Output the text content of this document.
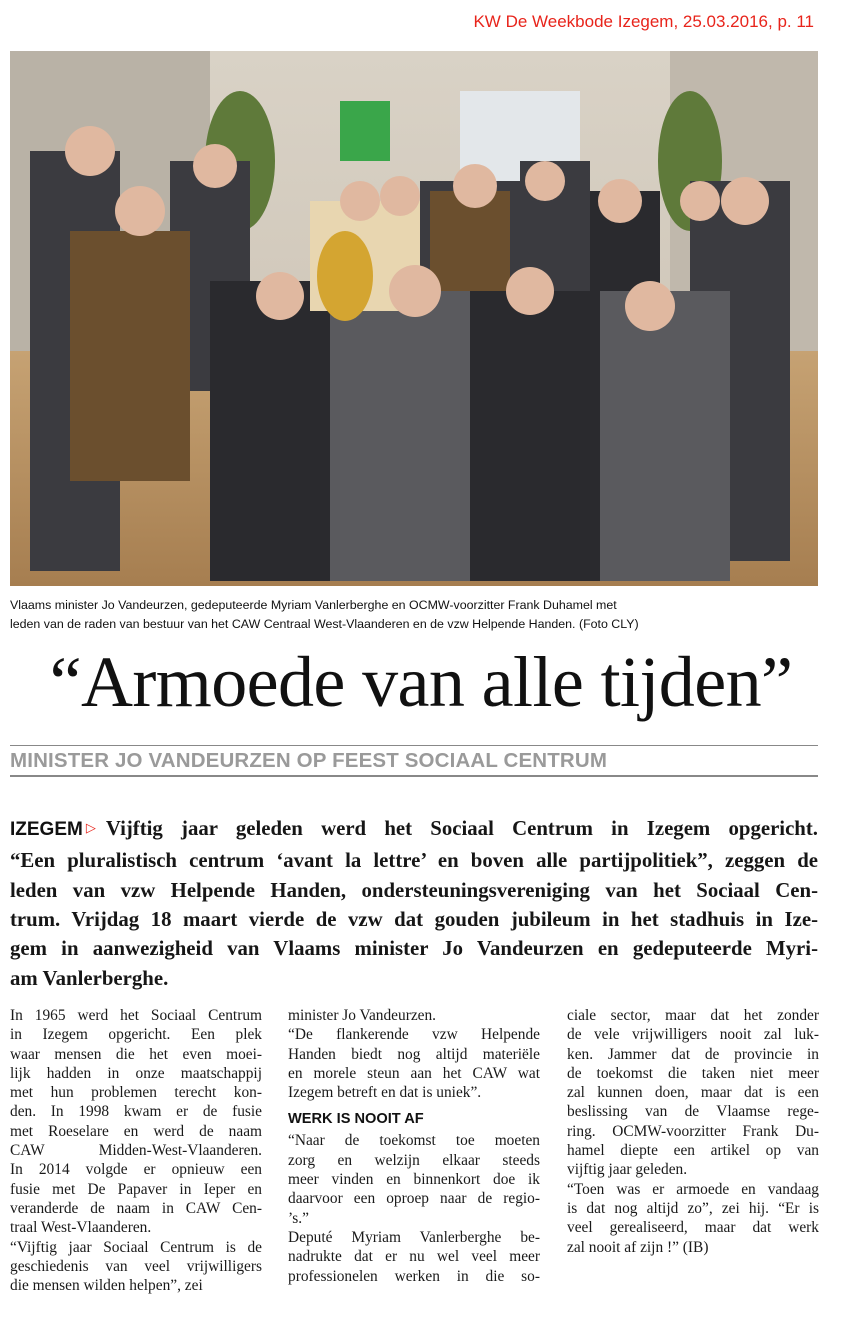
KW De Weekbode Izegem, 25.03.2016, p. 11
Vlaams minister Jo Vandeurzen, gedeputeerde Myriam Vanlerberghe en OCMW-voorzitter Frank Duhamel met
leden van de raden van bestuur van het CAW Centraal West-Vlaanderen en de vzw Helpende Handen. (Foto CLY)
“Armoede van alle tijden”
MINISTER JO VANDEURZEN OP FEEST SOCIAAL CENTRUM
IZEGEM ▷ Vijftig jaar geleden werd het Sociaal Centrum in Izegem opgericht.
“Een pluralistisch centrum ‘avant la lettre’ en boven alle partijpolitiek”, zeggen de
leden van vzw Helpende Handen, ondersteuningsvereniging van het Sociaal Cen-
trum. Vrijdag 18 maart vierde de vzw dat gouden jubileum in het stadhuis in Ize-
gem in aanwezigheid van Vlaams minister Jo Vandeurzen en gedeputeerde Myri-
am Vanlerberghe.
In 1965 werd het Sociaal Centrum
in Izegem opgericht. Een plek
waar mensen die het even moei-
lijk hadden in onze maatschappij
met hun problemen terecht kon-
den. In 1998 kwam er de fusie
met Roeselare en werd de naam
CAW Midden-West-Vlaanderen.
In 2014 volgde er opnieuw een
fusie met De Papaver in Ieper en
veranderde de naam in CAW Cen-
traal West-Vlaanderen.
“Vijftig jaar Sociaal Centrum is de
geschiedenis van veel vrijwilligers
die mensen wilden helpen”, zei
minister Jo Vandeurzen.
“De flankerende vzw Helpende
Handen biedt nog altijd materiële
en morele steun aan het CAW wat
Izegem betreft en dat is uniek”.
WERK IS NOOIT AF
“Naar de toekomst toe moeten
zorg en welzijn elkaar steeds
meer vinden en binnenkort doe ik
daarvoor een oproep naar de regio-
’s.”
Deputé Myriam Vanlerberghe be-
nadrukte dat er nu wel veel meer
professionelen werken in die so-
ciale sector, maar dat het zonder
de vele vrijwilligers nooit zal luk-
ken. Jammer dat de provincie in
de toekomst die taken niet meer
zal kunnen doen, maar dat is een
beslissing van de Vlaamse rege-
ring. OCMW-voorzitter Frank Du-
hamel diepte een artikel op van
vijftig jaar geleden.
“Toen was er armoede en vandaag
is dat nog altijd zo”, zei hij. “Er is
veel gerealiseerd, maar dat werk
zal nooit af zijn !” (IB)
